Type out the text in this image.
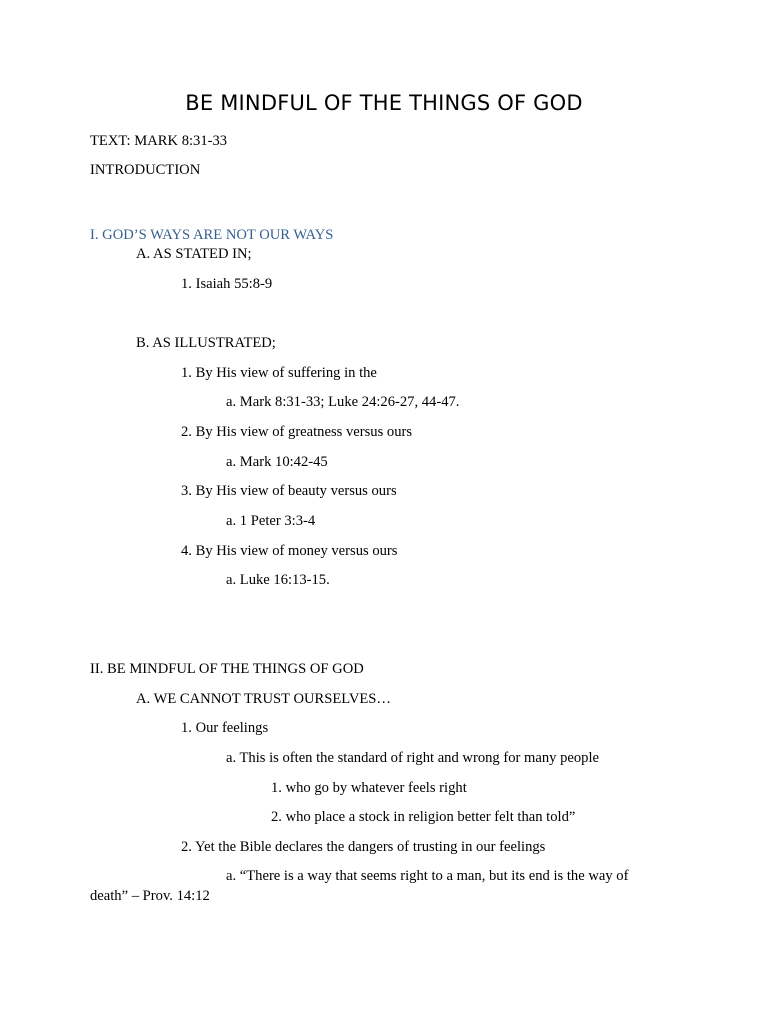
BE MINDFUL OF THE THINGS OF GOD
TEXT: MARK 8:31-33
INTRODUCTION
I. GOD’S WAYS ARE NOT OUR WAYS
A. AS STATED IN;
1. Isaiah 55:8-9
B. AS ILLUSTRATED;
1. By His view of suffering in the
a. Mark 8:31-33; Luke 24:26-27, 44-47.
2. By His view of greatness versus ours
a. Mark 10:42-45
3. By His view of beauty versus ours
a. 1 Peter 3:3-4
4. By His view of money versus ours
a. Luke 16:13-15.
II. BE MINDFUL OF THE THINGS OF GOD
A. WE CANNOT TRUST OURSELVES…
1. Our feelings
a. This is often the standard of right and wrong for many people
1. who go by whatever feels right
2. who place a stock in religion better felt than told”
2. Yet the Bible declares the dangers of trusting in our feelings
a. “There is a way that seems right to a man, but its end is the way of death” – Prov. 14:12
